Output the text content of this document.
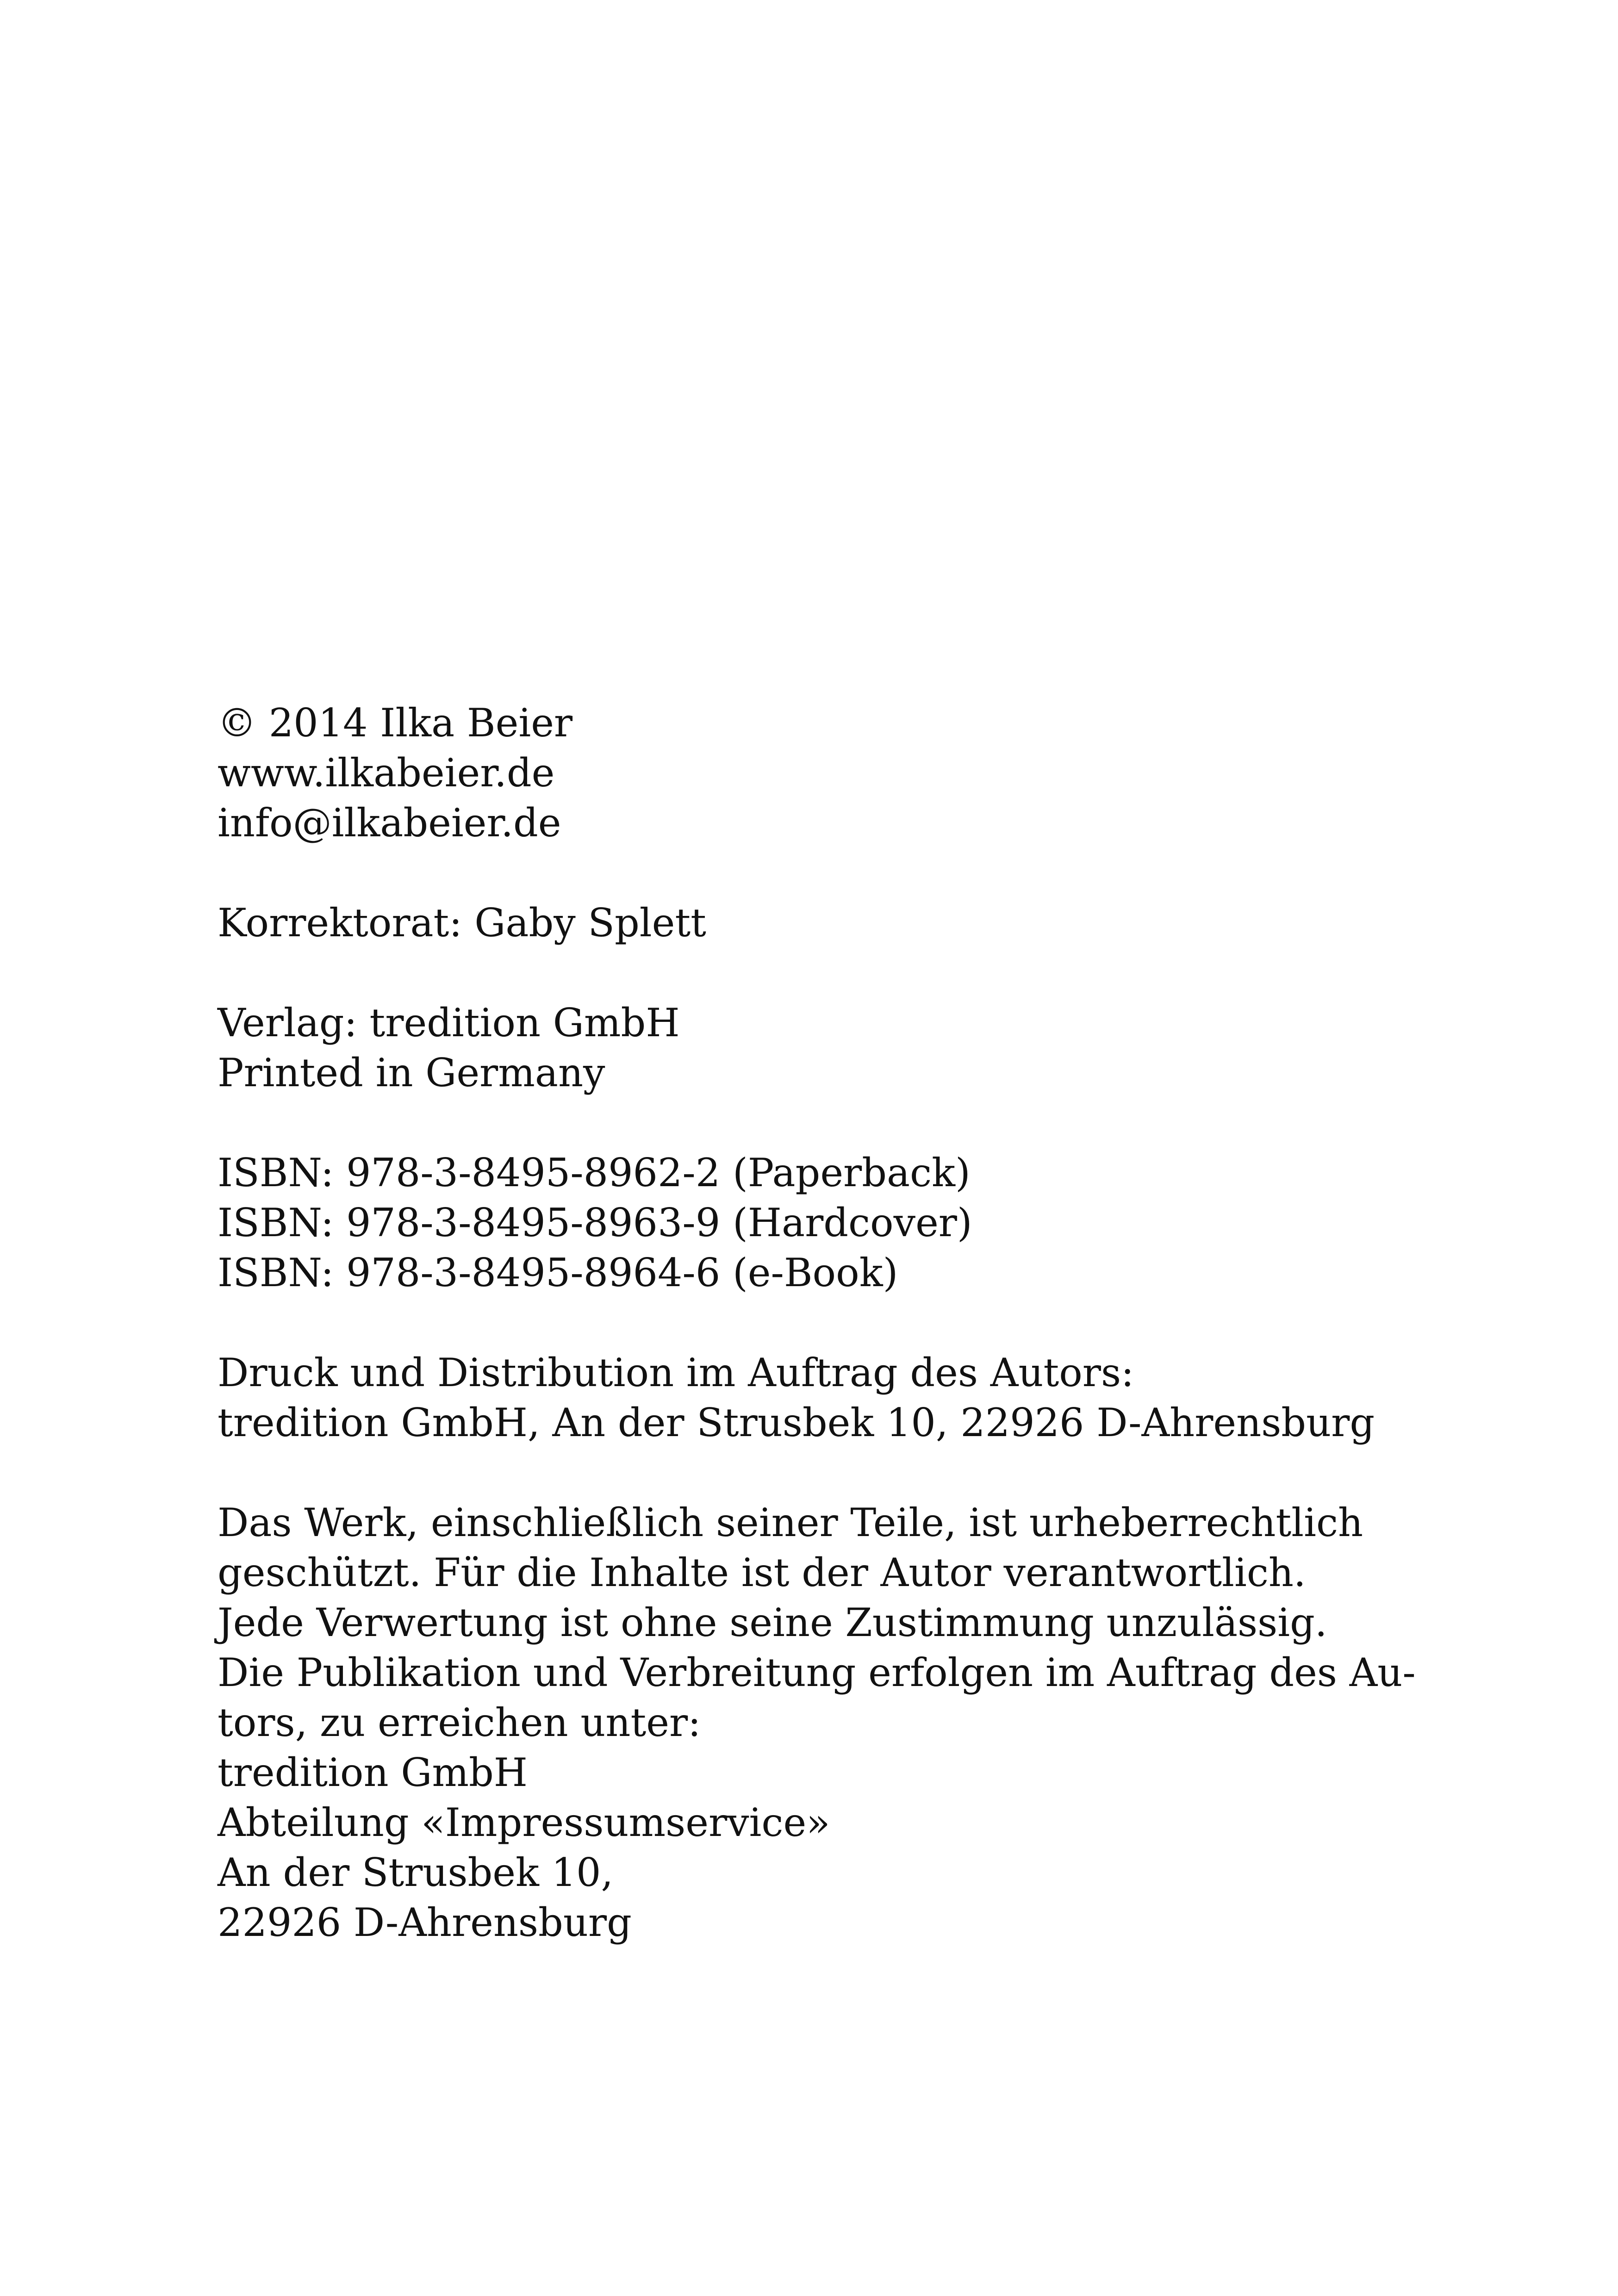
© 2014 Ilka Beier
www.ilkabeier.de
info@ilkabeier.de
Korrektorat: Gaby Splett
Verlag: tredition GmbH
Printed in Germany
ISBN: 978-3-8495-8962-2 (Paperback)
ISBN: 978-3-8495-8963-9 (Hardcover)
ISBN: 978-3-8495-8964-6 (e-Book)
Druck und Distribution im Auftrag des Autors:
tredition GmbH, An der Strusbek 10, 22926 D-Ahrensburg
Das Werk, einschließlich seiner Teile, ist urheberrechtlich
geschützt. Für die Inhalte ist der Autor verantwortlich.
Jede Verwertung ist ohne seine Zustimmung unzulässig.
Die Publikation und Verbreitung erfolgen im Auftrag des Au-
tors, zu erreichen unter:
tredition GmbH
Abteilung «Impressumservice»
An der Strusbek 10,
22926 D-Ahrensburg
